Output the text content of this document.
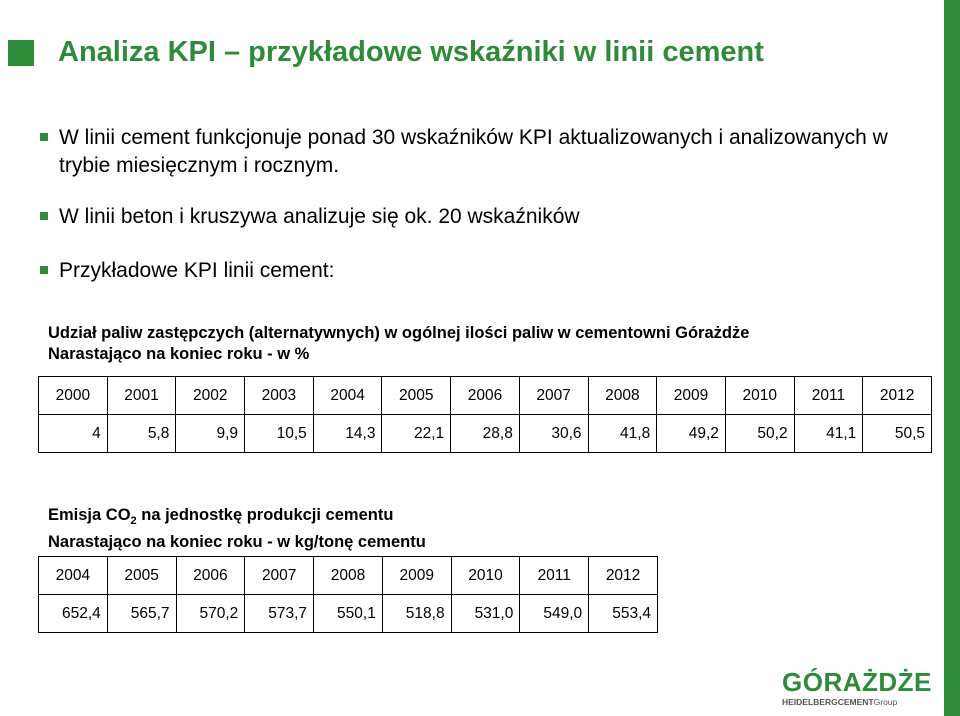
Analiza KPI – przykładowe wskaźniki w linii cement
W linii cement funkcjonuje ponad 30 wskaźników KPI aktualizowanych i analizowanych w trybie miesięcznym i rocznym.
W linii beton i kruszywa analizuje się ok. 20 wskaźników
Przykładowe KPI linii cement:
Udział paliw zastępczych (alternatywnych) w ogólnej ilości paliw w cementowni Górażdże
Narastająco na koniec roku - w %
2000	2001	2002	2003	2004	2005	2006	2007	2008	2009	2010	2011	2012
4	5,8	9,9	10,5	14,3	22,1	28,8	30,6	41,8	49,2	50,2	41,1	50,5
Emisja $CO_2$ na jednostkę produkcji cementu
Narastająco na koniec roku - w kg/tonę cementu
2004	2005	2006	2007	2008	2009	2010	2011	2012
652,4	565,7	570,2	573,7	550,1	518,8	531,0	549,0	553,4
GÓRAŻDŻE
HEIDELBERGCEMENTGroup
